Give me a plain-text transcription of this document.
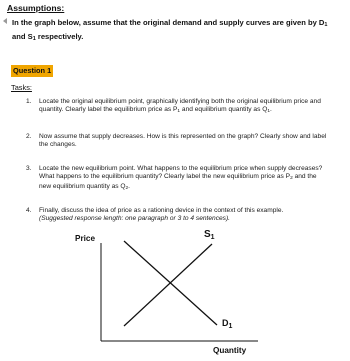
Assumptions:
In the graph below, assume that the original demand and supply curves are given by $D_1$ and $S_1$ respectively.
Question 1
Tasks:
1. Locate the original equilibrium point, graphically identifying both the original equilibrium price and quantity. Clearly label the equilibrium price as $P_1$ and equilibrium quantity as $Q_1$.
2. Now assume that supply decreases. How is this represented on the graph? Clearly show and label the changes.
3. Locate the new equilibrium point. What happens to the equilibrium price when supply decreases? What happens to the equilibrium quantity? Clearly label the new equilibrium price as $P_2$ and the new equilibrium quantity as $Q_2$.
4. Finally, discuss the idea of price as a rationing device in the context of this example.
(Suggested response length: one paragraph or 3 to 4 sentences).
Price
Quantity
$S_1$
$D_1$
